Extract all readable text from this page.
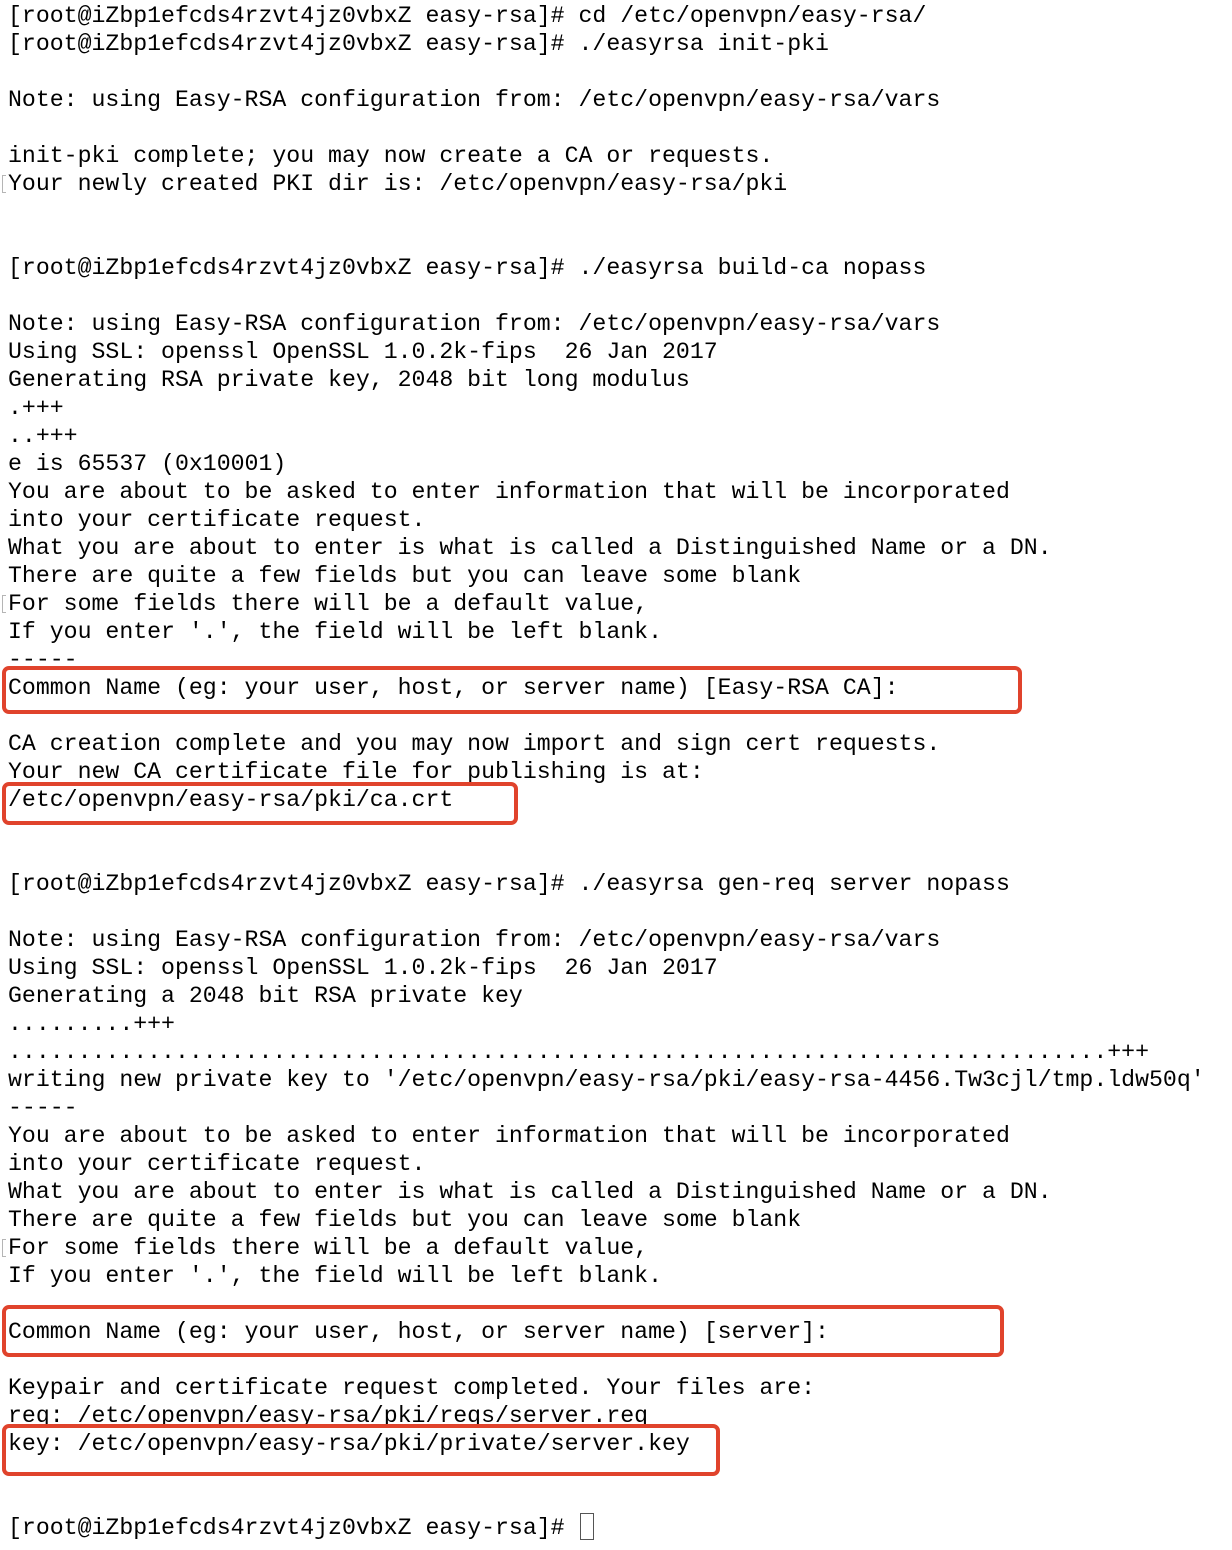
[root@iZbp1efcds4rzvt4jz0vbxZ easy-rsa]# cd /etc/openvpn/easy-rsa/
[root@iZbp1efcds4rzvt4jz0vbxZ easy-rsa]# ./easyrsa init-pki
Note: using Easy-RSA configuration from: /etc/openvpn/easy-rsa/vars
init-pki complete; you may now create a CA or requests.
Your newly created PKI dir is: /etc/openvpn/easy-rsa/pki
[root@iZbp1efcds4rzvt4jz0vbxZ easy-rsa]# ./easyrsa build-ca nopass
Note: using Easy-RSA configuration from: /etc/openvpn/easy-rsa/vars
Using SSL: openssl OpenSSL 1.0.2k-fips  26 Jan 2017
Generating RSA private key, 2048 bit long modulus
.+++
..+++
e is 65537 (0x10001)
You are about to be asked to enter information that will be incorporated
into your certificate request.
What you are about to enter is what is called a Distinguished Name or a DN.
There are quite a few fields but you can leave some blank
For some fields there will be a default value,
If you enter '.', the field will be left blank.
-----
Common Name (eg: your user, host, or server name) [Easy-RSA CA]:
CA creation complete and you may now import and sign cert requests.
Your new CA certificate file for publishing is at:
/etc/openvpn/easy-rsa/pki/ca.crt
[root@iZbp1efcds4rzvt4jz0vbxZ easy-rsa]# ./easyrsa gen-req server nopass
Note: using Easy-RSA configuration from: /etc/openvpn/easy-rsa/vars
Using SSL: openssl OpenSSL 1.0.2k-fips  26 Jan 2017
Generating a 2048 bit RSA private key
.........+++
...............................................................................+++
writing new private key to '/etc/openvpn/easy-rsa/pki/easy-rsa-4456.Tw3cjl/tmp.ldw50q'
-----
You are about to be asked to enter information that will be incorporated
into your certificate request.
What you are about to enter is what is called a Distinguished Name or a DN.
There are quite a few fields but you can leave some blank
For some fields there will be a default value,
If you enter '.', the field will be left blank.
Common Name (eg: your user, host, or server name) [server]:
Keypair and certificate request completed. Your files are:
req: /etc/openvpn/easy-rsa/pki/reqs/server.req
key: /etc/openvpn/easy-rsa/pki/private/server.key
[root@iZbp1efcds4rzvt4jz0vbxZ easy-rsa]#
